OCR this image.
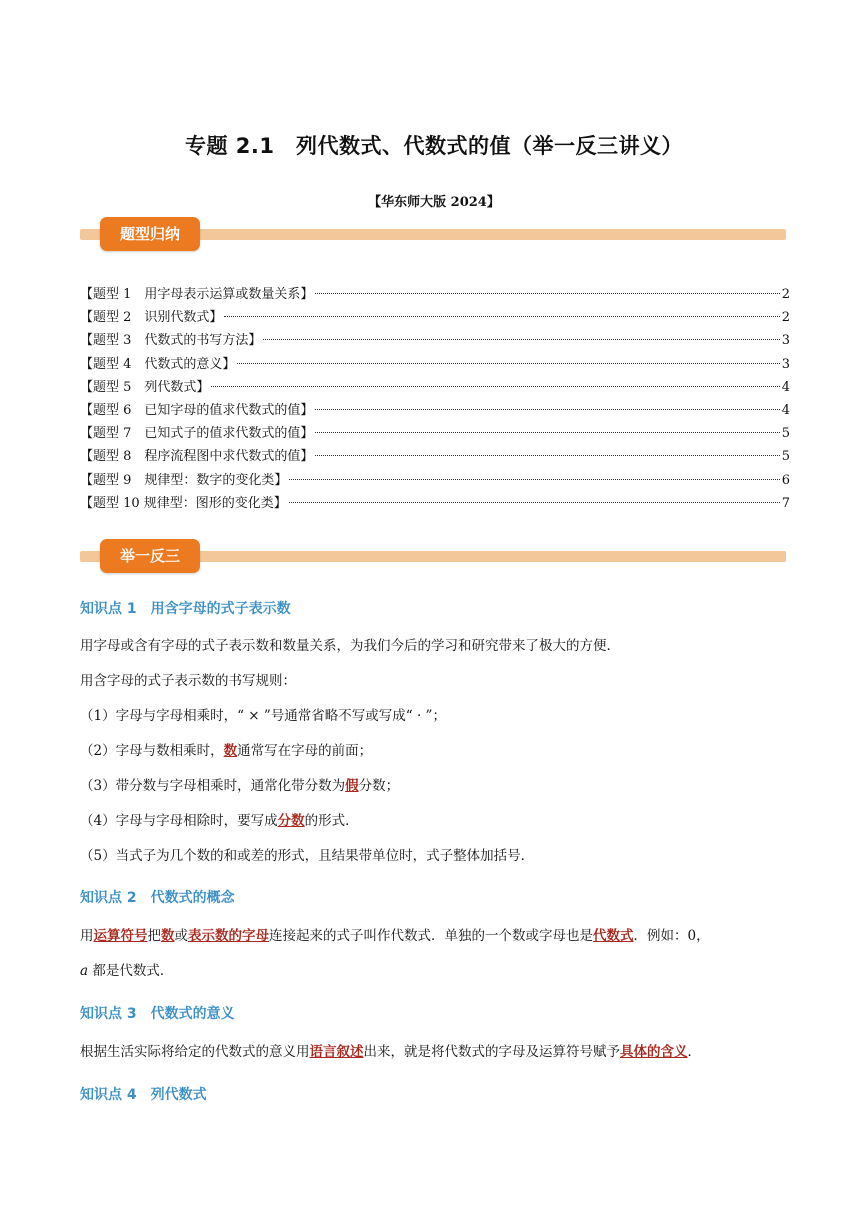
专题 2.1　列代数式、代数式的值（举一反三讲义）
【华东师大版 2024】
题型归纳
【题型 1　用字母表示运算或数量关系】	2
【题型 2　识别代数式】	2
【题型 3　代数式的书写方法】	3
【题型 4　代数式的意义】	3
【题型 5　列代数式】	4
【题型 6　已知字母的值求代数式的值】	4
【题型 7　已知式子的值求代数式的值】	5
【题型 8　程序流程图中求代数式的值】	5
【题型 9　规律型：数字的变化类】	6
【题型 10 规律型：图形的变化类】	7
举一反三
知识点 1　用含字母的式子表示数
用字母或含有字母的式子表示数和数量关系，为我们今后的学习和研究带来了极大的方便．
用含字母的式子表示数的书写规则：
（1）字母与字母相乘时，“ × ”号通常省略不写或写成“ · ”；
（2）字母与数相乘时，数通常写在字母的前面；
（3）带分数与字母相乘时，通常化带分数为假分数；
（4）字母与字母相除时，要写成分数的形式．
（5）当式子为几个数的和或差的形式，且结果带单位时，式子整体加括号．
知识点 2　代数式的概念
用运算符号把数或表示数的字母连接起来的式子叫作代数式．单独的一个数或字母也是代数式．例如：0，
a 都是代数式．
知识点 3　代数式的意义
根据生活实际将给定的代数式的意义用语言叙述出来，就是将代数式的字母及运算符号赋予具体的含义．
知识点 4　列代数式
